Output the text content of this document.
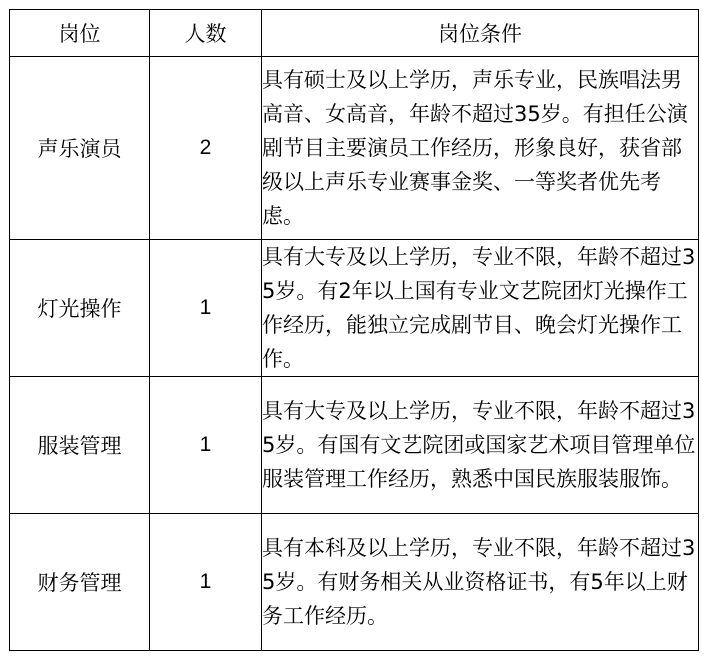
岗位	人数	岗位条件
声乐演员	2	具有硕士及以上学历，声乐专业，民族唱法男高音、女高音，年龄不超过35岁。有担任公演剧节目主要演员工作经历，形象良好，获省部级以上声乐专业赛事金奖、一等奖者优先考虑。
灯光操作	1	具有大专及以上学历，专业不限，年龄不超过35岁。有2年以上国有专业文艺院团灯光操作工作经历，能独立完成剧节目、晚会灯光操作工作。
服装管理	1	具有大专及以上学历，专业不限，年龄不超过35岁。有国有文艺院团或国家艺术项目管理单位服装管理工作经历，熟悉中国民族服装服饰。
财务管理	1	具有本科及以上学历，专业不限，年龄不超过35岁。有财务相关从业资格证书，有5年以上财务工作经历。
